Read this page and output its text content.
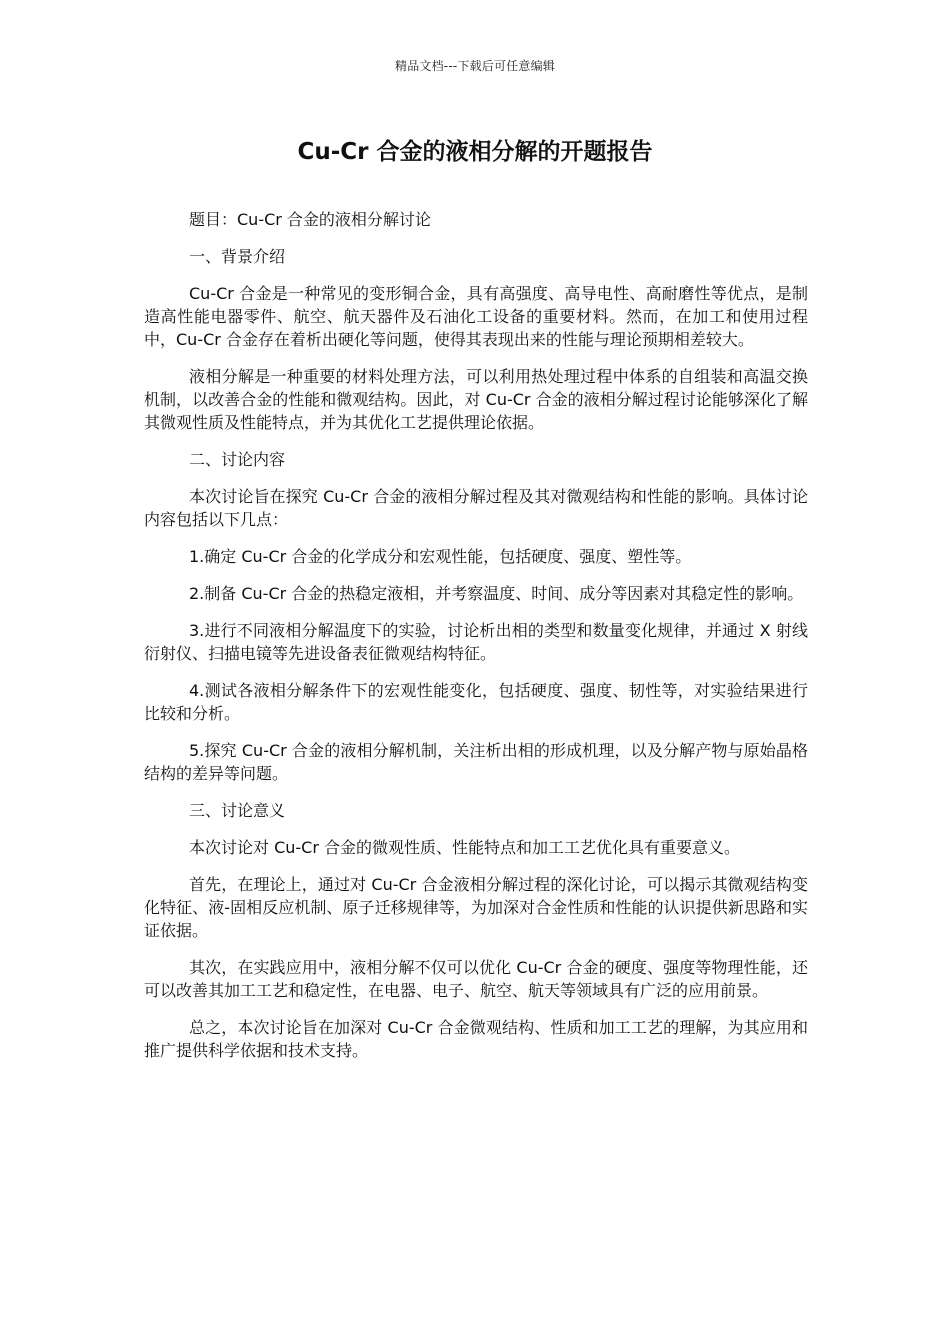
精品文档---下载后可任意编辑
Cu-Cr 合金的液相分解的开题报告

题目：Cu-Cr 合金的液相分解讨论

一、背景介绍

Cu-Cr 合金是一种常见的变形铜合金，具有高强度、高导电性、高耐磨性等优点，是制造高性能电器零件、航空、航天器件及石油化工设备的重要材料。然而，在加工和使用过程中，Cu-Cr 合金存在着析出硬化等问题，使得其表现出来的性能与理论预期相差较大。

液相分解是一种重要的材料处理方法，可以利用热处理过程中体系的自组装和高温交换机制，以改善合金的性能和微观结构。因此，对 Cu-Cr 合金的液相分解过程讨论能够深化了解其微观性质及性能特点，并为其优化工艺提供理论依据。

二、讨论内容

本次讨论旨在探究 Cu-Cr 合金的液相分解过程及其对微观结构和性能的影响。具体讨论内容包括以下几点：

1.确定 Cu-Cr 合金的化学成分和宏观性能，包括硬度、强度、塑性等。

2.制备 Cu-Cr 合金的热稳定液相，并考察温度、时间、成分等因素对其稳定性的影响。

3.进行不同液相分解温度下的实验，讨论析出相的类型和数量变化规律，并通过 X 射线衍射仪、扫描电镜等先进设备表征微观结构特征。

4.测试各液相分解条件下的宏观性能变化，包括硬度、强度、韧性等，对实验结果进行比较和分析。

5.探究 Cu-Cr 合金的液相分解机制，关注析出相的形成机理，以及分解产物与原始晶格结构的差异等问题。

三、讨论意义

本次讨论对 Cu-Cr 合金的微观性质、性能特点和加工工艺优化具有重要意义。

首先，在理论上，通过对 Cu-Cr 合金液相分解过程的深化讨论，可以揭示其微观结构变化特征、液-固相反应机制、原子迁移规律等，为加深对合金性质和性能的认识提供新思路和实证依据。

其次，在实践应用中，液相分解不仅可以优化 Cu-Cr 合金的硬度、强度等物理性能，还可以改善其加工工艺和稳定性，在电器、电子、航空、航天等领域具有广泛的应用前景。

总之，本次讨论旨在加深对 Cu-Cr 合金微观结构、性质和加工工艺的理解，为其应用和推广提供科学依据和技术支持。
